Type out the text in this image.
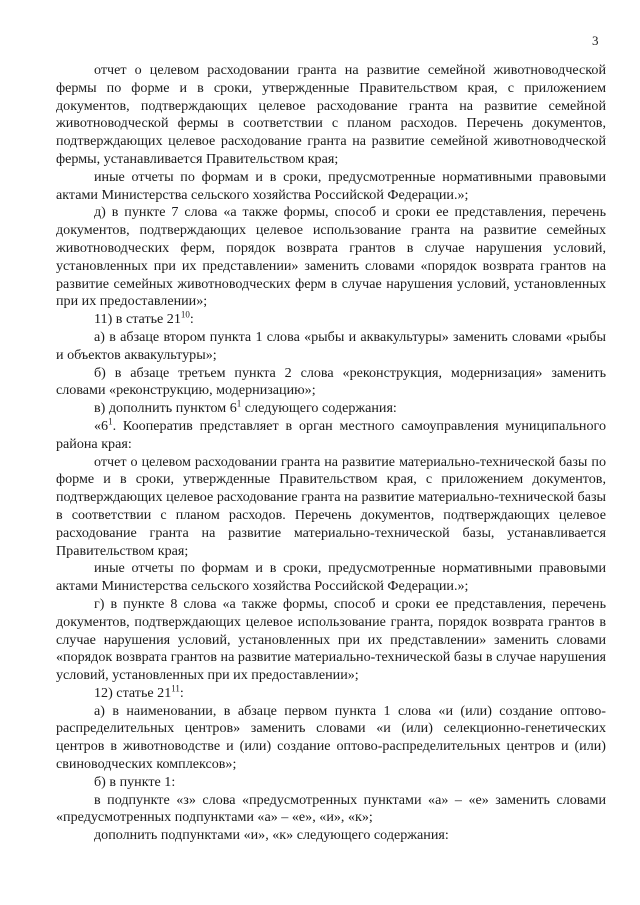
3

отчет о целевом расходовании гранта на развитие семейной животноводческой фермы по форме и в сроки, утвержденные Правительством края, с приложением документов, подтверждающих целевое расходование гранта на развитие семейной животноводческой фермы в соответствии с планом расходов. Перечень документов, подтверждающих целевое расходование гранта на развитие семейной животноводческой фермы, устанавливается Правительством края;

иные отчеты по формам и в сроки, предусмотренные нормативными правовыми актами Министерства сельского хозяйства Российской Федерации.»;

д) в пункте 7 слова «а также формы, способ и сроки ее представления, перечень документов, подтверждающих целевое использование гранта на развитие семейных животноводческих ферм, порядок возврата грантов в случае нарушения условий, установленных при их представлении» заменить словами «порядок возврата грантов на развитие семейных животноводческих ферм в случае нарушения условий, установленных при их предоставлении»;

11) в статье $21^{10}$:

а) в абзаце втором пункта 1 слова «рыбы и аквакультуры» заменить словами «рыбы и объектов аквакультуры»;

б) в абзаце третьем пункта 2 слова «реконструкция, модернизация» заменить словами «реконструкцию, модернизацию»;

в) дополнить пунктом $6^1$ следующего содержания:

«$6^1$. Кооператив представляет в орган местного самоуправления муниципального района края:

отчет о целевом расходовании гранта на развитие материально-технической базы по форме и в сроки, утвержденные Правительством края, с приложением документов, подтверждающих целевое расходование гранта на развитие материально-технической базы в соответствии с планом расходов. Перечень документов, подтверждающих целевое расходование гранта на развитие материально-технической базы, устанавливается Правительством края;

иные отчеты по формам и в сроки, предусмотренные нормативными правовыми актами Министерства сельского хозяйства Российской Федерации.»;

г) в пункте 8 слова «а также формы, способ и сроки ее представления, перечень документов, подтверждающих целевое использование гранта, порядок возврата грантов в случае нарушения условий, установленных при их представлении» заменить словами «порядок возврата грантов на развитие материально-технической базы в случае нарушения условий, установленных при их предоставлении»;

12) статье $21^{11}$:

а) в наименовании, в абзаце первом пункта 1 слова «и (или) создание оптово-распределительных центров» заменить словами «и (или) селекционно-генетических центров в животноводстве и (или) создание оптово-распределительных центров и (или) свиноводческих комплексов»;

б) в пункте 1:

в подпункте «з» слова «предусмотренных пунктами «а» – «е» заменить словами «предусмотренных подпунктами «а» – «е», «и», «к»;

дополнить подпунктами «и», «к» следующего содержания:
